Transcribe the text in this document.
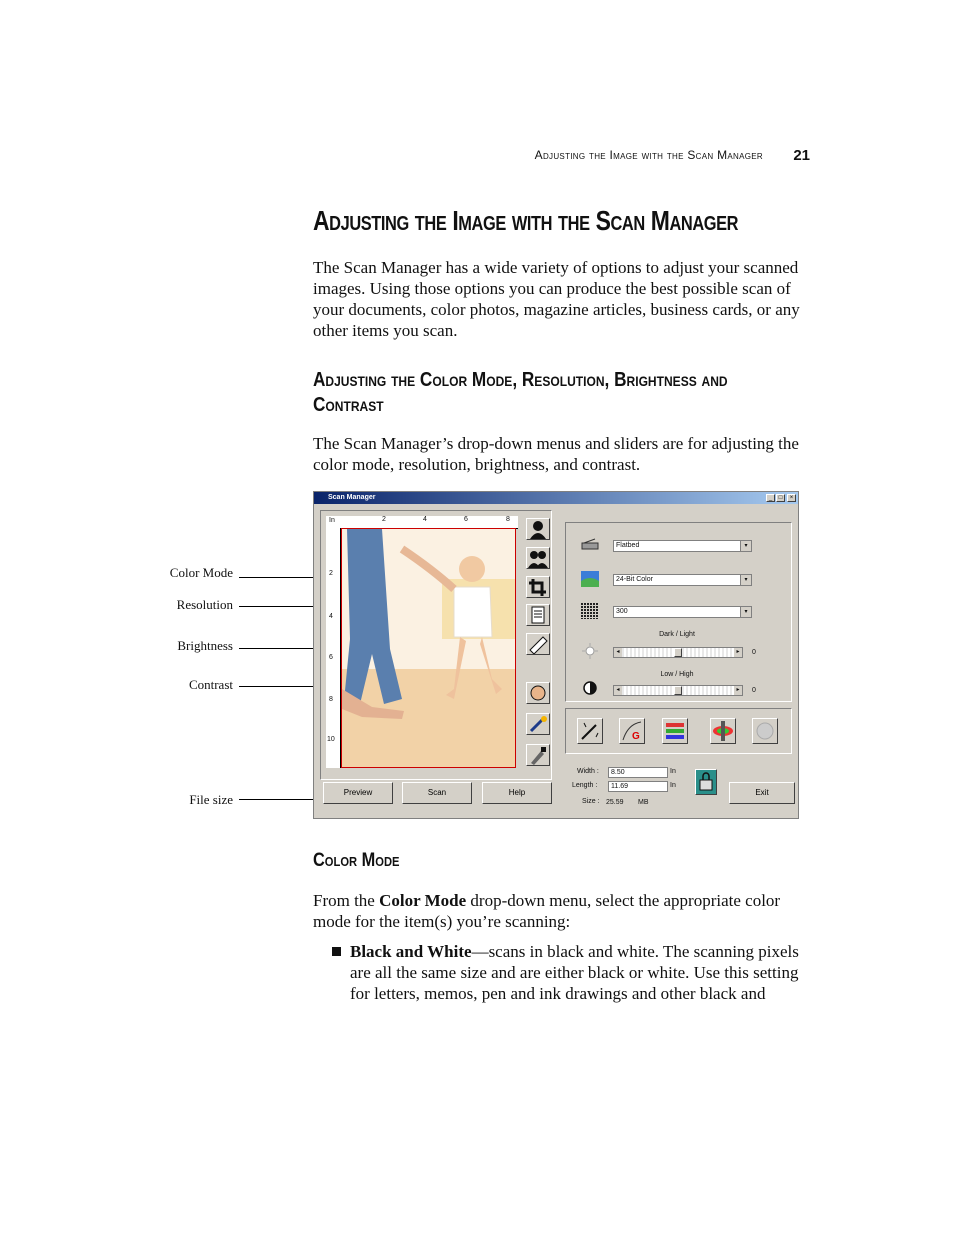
Adjusting the Image with the Scan Manager	21
Adjusting the Image with the Scan Manager

The Scan Manager has a wide variety of options to adjust your scanned images. Using those options you can produce the best possible scan of your documents, color photos, magazine articles, business cards, or any other items you scan.

Adjusting the Color Mode, Resolution, Brightness and Contrast

The Scan Manager’s drop-down menus and sliders are for adjusting the color mode, resolution, brightness, and contrast.

Color Mode
Resolution
Brightness
Contrast
File size
Scan Manager	_	□	×
In	2	4	6	8
2
4
6
8
10
Flatbed	▾
24-Bit Color	▾
300	▾
Dark / Light
◂	▸	0
Low / High
◂	▸	0
G
Width :	8.50	In
Length :	11.69	In
Size : 25.59 MB
Preview	Scan	Help	Exit
Color Mode

From the Color Mode drop-down menu, select the appropriate color mode for the item(s) you’re scanning:

Black and White—scans in black and white. The scanning pixels are all the same size and are either black or white. Use this setting for letters, memos, pen and ink drawings and other black and
